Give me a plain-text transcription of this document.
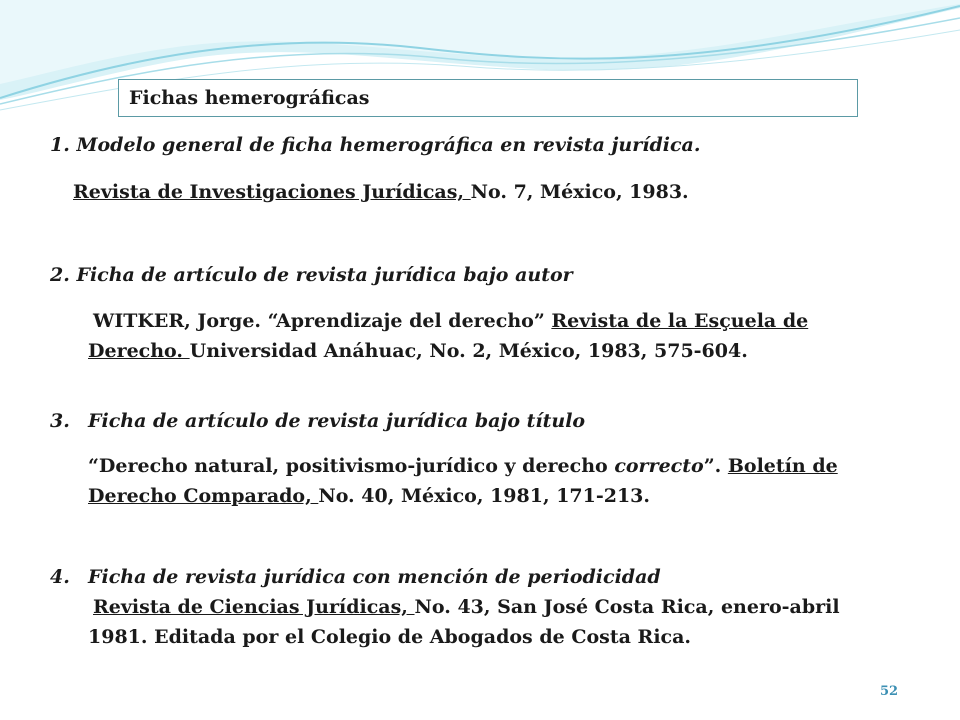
Fichas hemerográficas
1. Modelo general de ficha hemerográfica en revista jurídica.
Revista de Investigaciones Jurídicas, No. 7, México, 1983.
2. Ficha de artículo de revista jurídica bajo autor
WITKER, Jorge. “Aprendizaje del derecho” Revista de la Esçuela de
Derecho. Universidad Anáhuac, No. 2, México, 1983, 575-604.
3. Ficha de artículo de revista jurídica bajo título
“Derecho natural, positivismo-jurídico y derecho correcto”. Boletín de
Derecho Comparado, No. 40, México, 1981, 171-213.
4. Ficha de revista jurídica con mención de periodicidad
Revista de Ciencias Jurídicas, No. 43, San José Costa Rica, enero-abril
1981. Editada por el Colegio de Abogados de Costa Rica.
52
